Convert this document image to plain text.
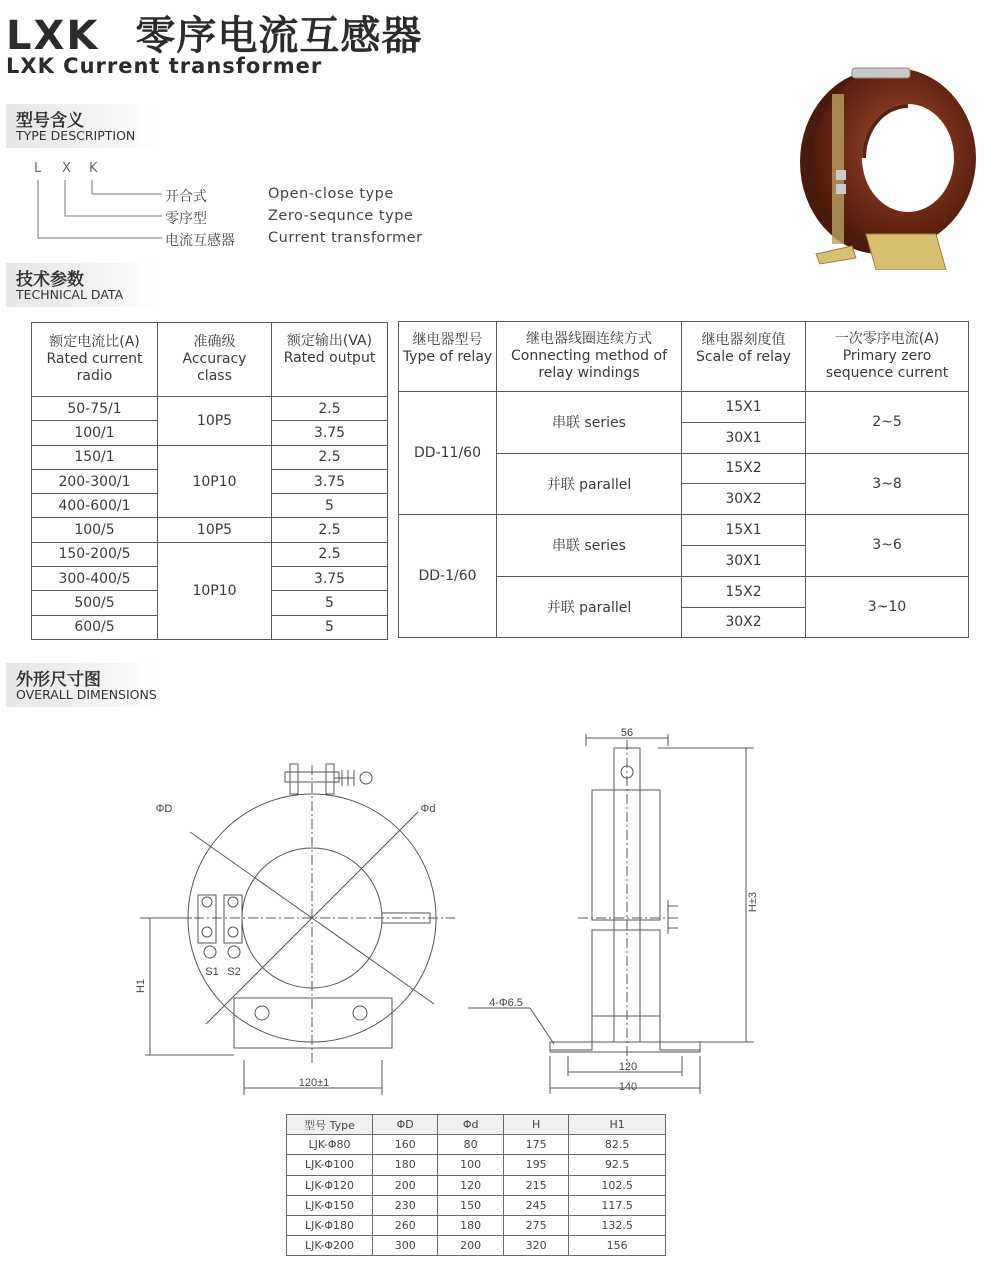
LXK 零序电流互感器
LXK Current transformer
型号含义
TYPE DESCRIPTION
L X K
开合式
零序型
电流互感器
Open-close type
Zero-sequnce type
Current transformer
技术参数
TECHNICAL DATA
额定电流比(A)
Rated current
radio	准确级
Accuracy
class	额定输出(VA)
Rated output
50-75/1	10P5	2.5
100/1		3.75
150/1	10P10	2.5
200-300/1		3.75
400-600/1		5
100/5	10P5	2.5
150-200/5	10P10	2.5
300-400/5		3.75
500/5		5
600/5		5
继电器型号
Type of relay	继电器线圈连续方式
Connecting method of
relay windings	继电器刻度值
Scale of relay	一次零序电流(A)
Primary zero
sequence current
DD-11/60	串联 series	15X1	2~5
		30X1	
	并联 parallel	15X2	3~8
		30X2	
DD-1/60	串联 series	15X1	3~6
		30X1	
	并联 parallel	15X2	3~10
		30X2	
外形尺寸图
OVERALL DIMENSIONS
ΦD	Φd
S1 S2
H1
120±1
56
H±3
4-Φ6.5
120
140
型号 Type	ΦD	Φd	H	H1
LJK-Φ80	160	80	175	82.5
LJK-Φ100	180	100	195	92.5
LJK-Φ120	200	120	215	102.5
LJK-Φ150	230	150	245	117.5
LJK-Φ180	260	180	275	132.5
LJK-Φ200	300	200	320	156
